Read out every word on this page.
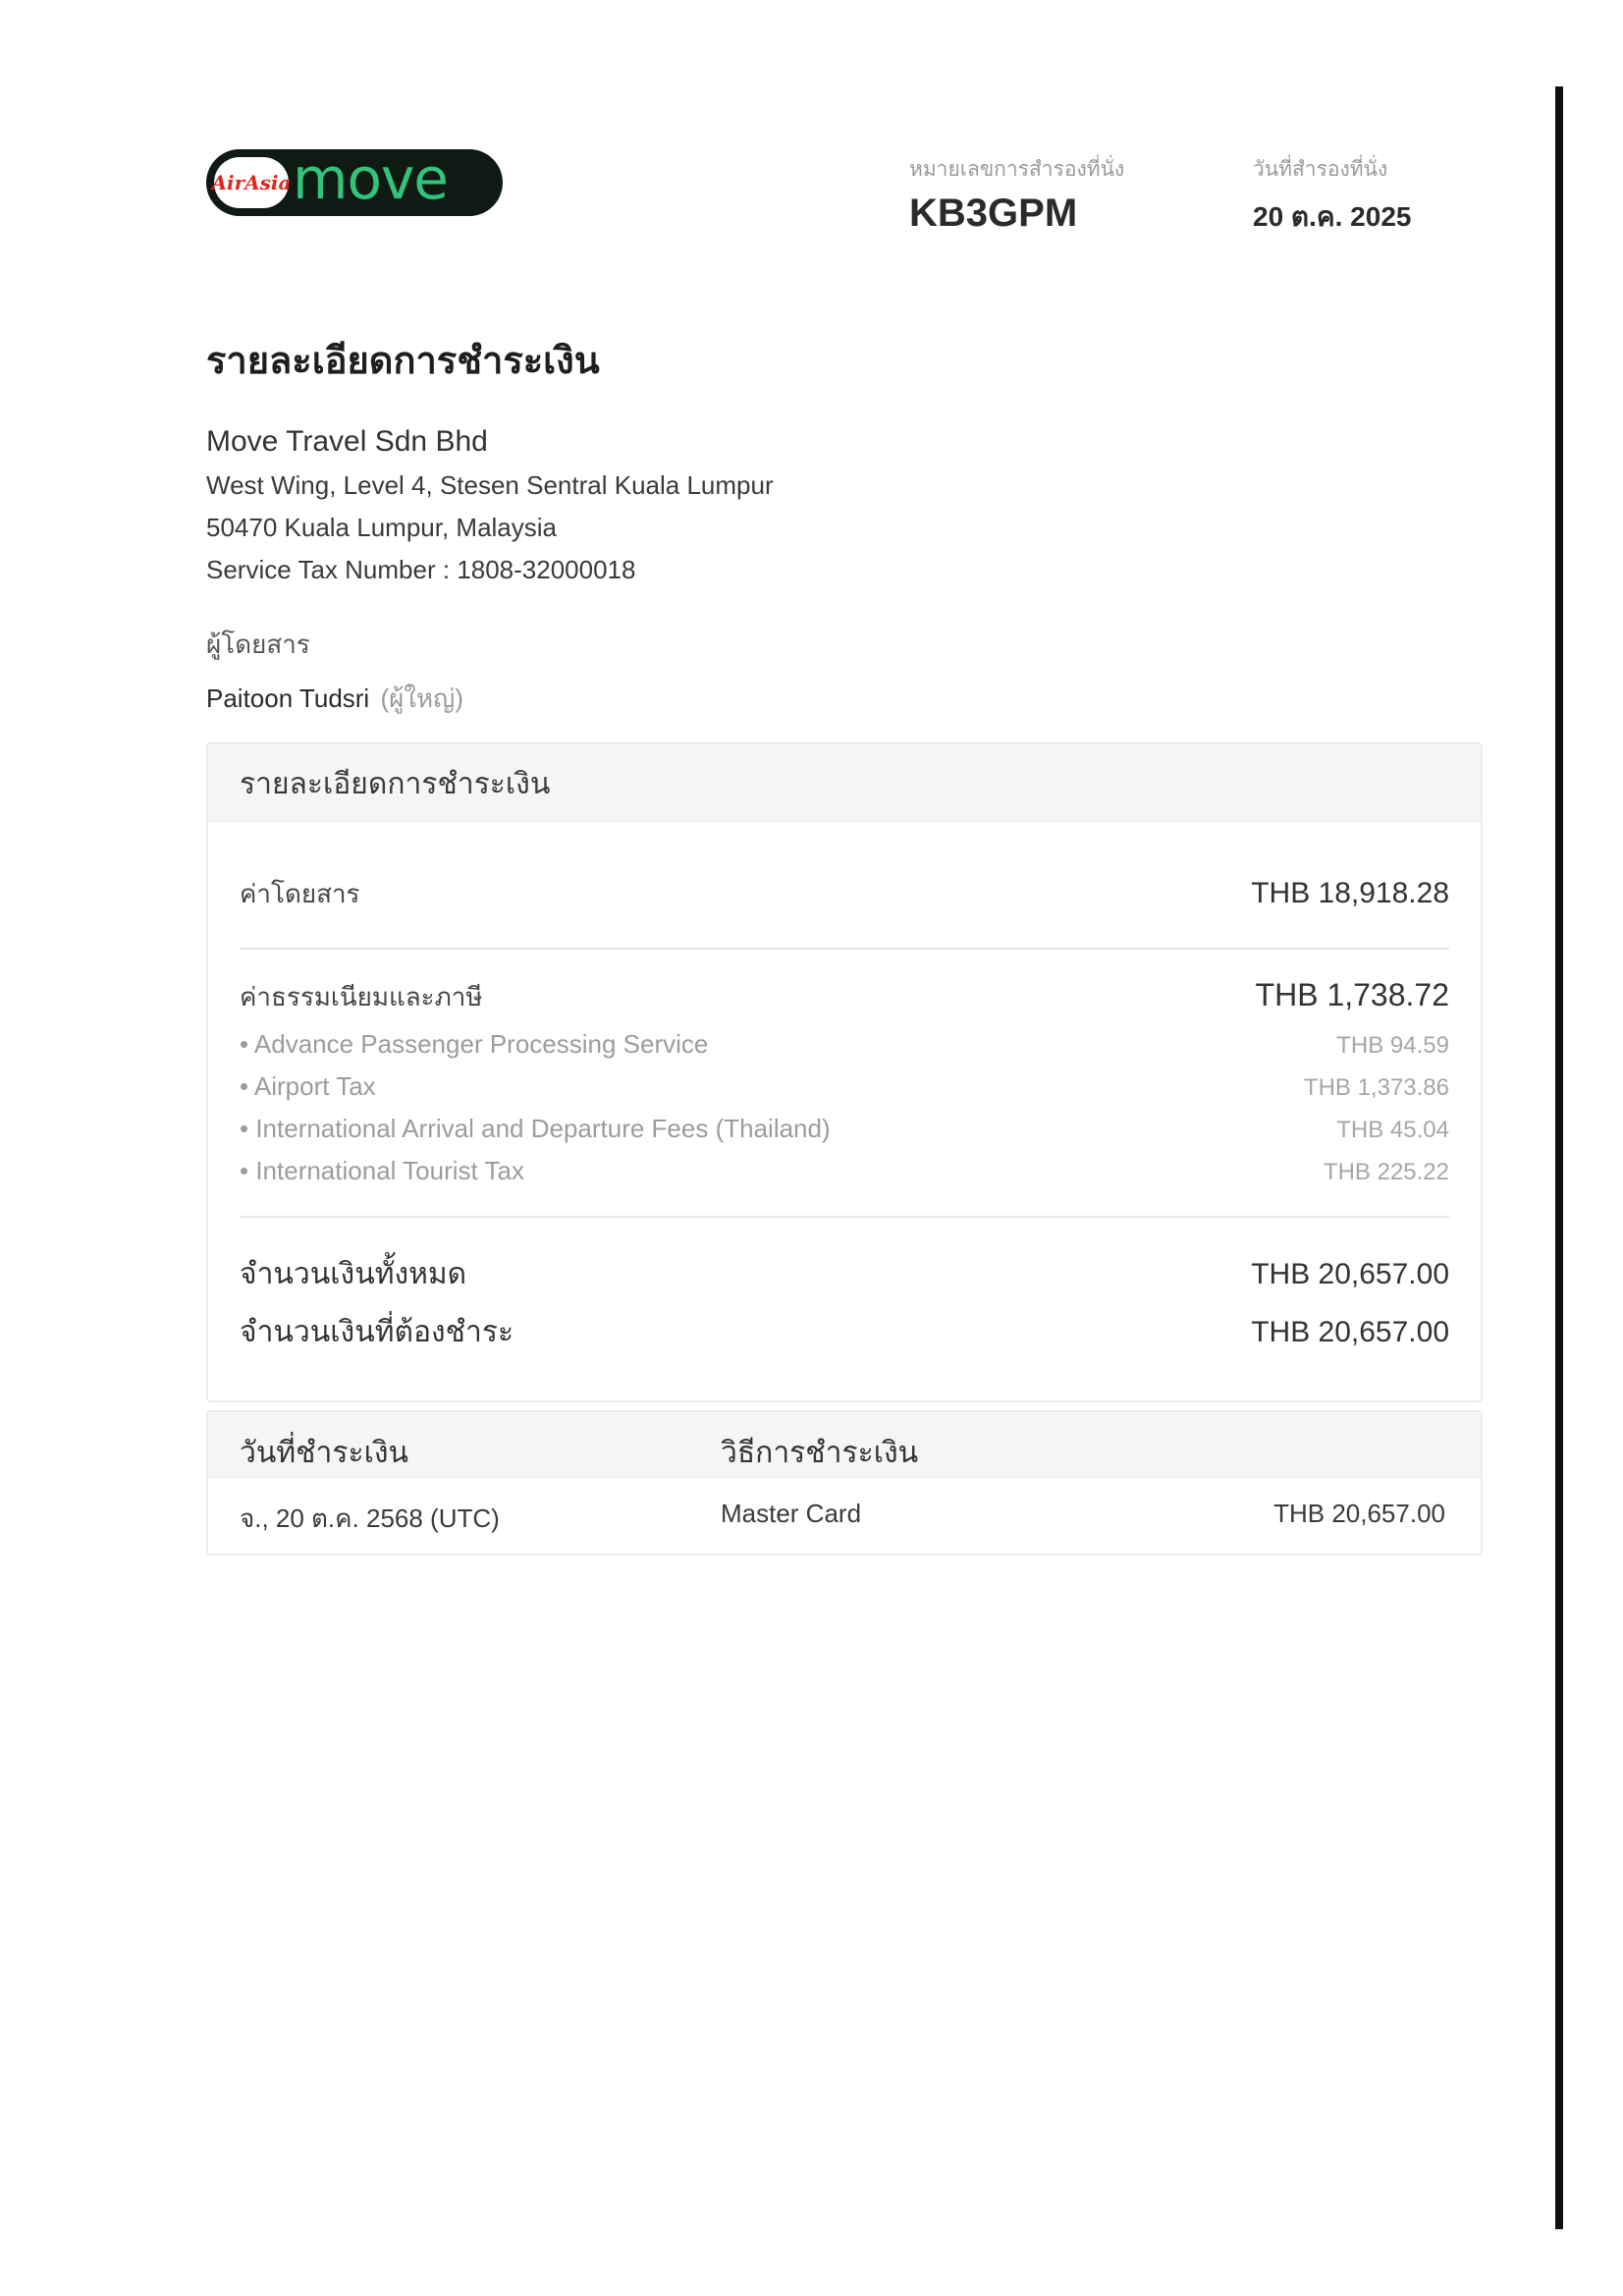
AirAsia move	หมายเลขการสำรองที่นั่ง
KB3GPM
วันที่สำรองที่นั่ง
20 ต.ค. 2025
รายละเอียดการชำระเงิน
Move Travel Sdn Bhd
West Wing, Level 4, Stesen Sentral Kuala Lumpur
50470 Kuala Lumpur, Malaysia
Service Tax Number : 1808-32000018
ผู้โดยสาร
Paitoon Tudsri (ผู้ใหญ่)
รายละเอียดการชำระเงิน
ค่าโดยสาร	THB 18,918.28
ค่าธรรมเนียมและภาษี	THB 1,738.72
• Advance Passenger Processing Service	THB 94.59
• Airport Tax	THB 1,373.86
• International Arrival and Departure Fees (Thailand)	THB 45.04
• International Tourist Tax	THB 225.22
จำนวนเงินทั้งหมด	THB 20,657.00
จำนวนเงินที่ต้องชำระ	THB 20,657.00
วันที่ชำระเงิน	วิธีการชำระเงิน
จ., 20 ต.ค. 2568 (UTC)	Master Card	THB 20,657.00
